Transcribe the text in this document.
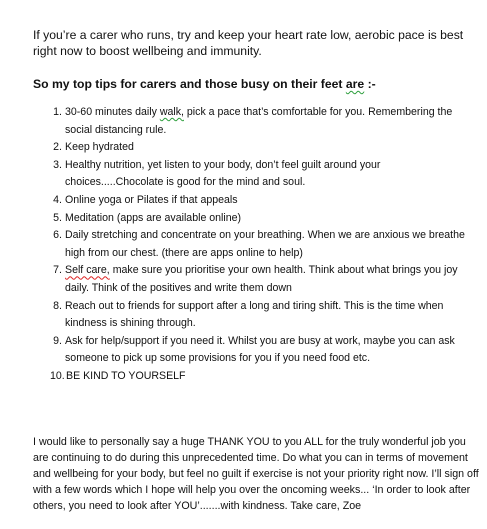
If you’re a carer who runs, try and keep your heart rate low, aerobic pace is best right now to boost wellbeing and immunity.

So my top tips for carers and those busy on their feet are :-
1. 30-60 minutes daily walk, pick a pace that’s comfortable for you. Remembering the social distancing rule.
2. Keep hydrated
3. Healthy nutrition, yet listen to your body, don’t feel guilt around your choices.....Chocolate is good for the mind and soul.
4. Online yoga or Pilates if that appeals
5. Meditation (apps are available online)
6. Daily stretching and concentrate on your breathing. When we are anxious we breathe high from our chest. (there are apps online to help)
7. Self care, make sure you prioritise your own health. Think about what brings you joy daily. Think of the positives and write them down
8. Reach out to friends for support after a long and tiring shift. This is the time when kindness is shining through.
9. Ask for help/support if you need it. Whilst you are busy at work, maybe you can ask someone to pick up some provisions for you if you need food etc.
10. BE KIND TO YOURSELF

I would like to personally say a huge THANK YOU to you ALL for the truly wonderful job you are continuing to do during this unprecedented time. Do what you can in terms of movement and wellbeing for your body, but feel no guilt if exercise is not your priority right now. I’ll sign off with a few words which I hope will help you over the oncoming weeks... ‘In order to look after others, you need to look after YOU’.......with kindness. Take care, Zoe
